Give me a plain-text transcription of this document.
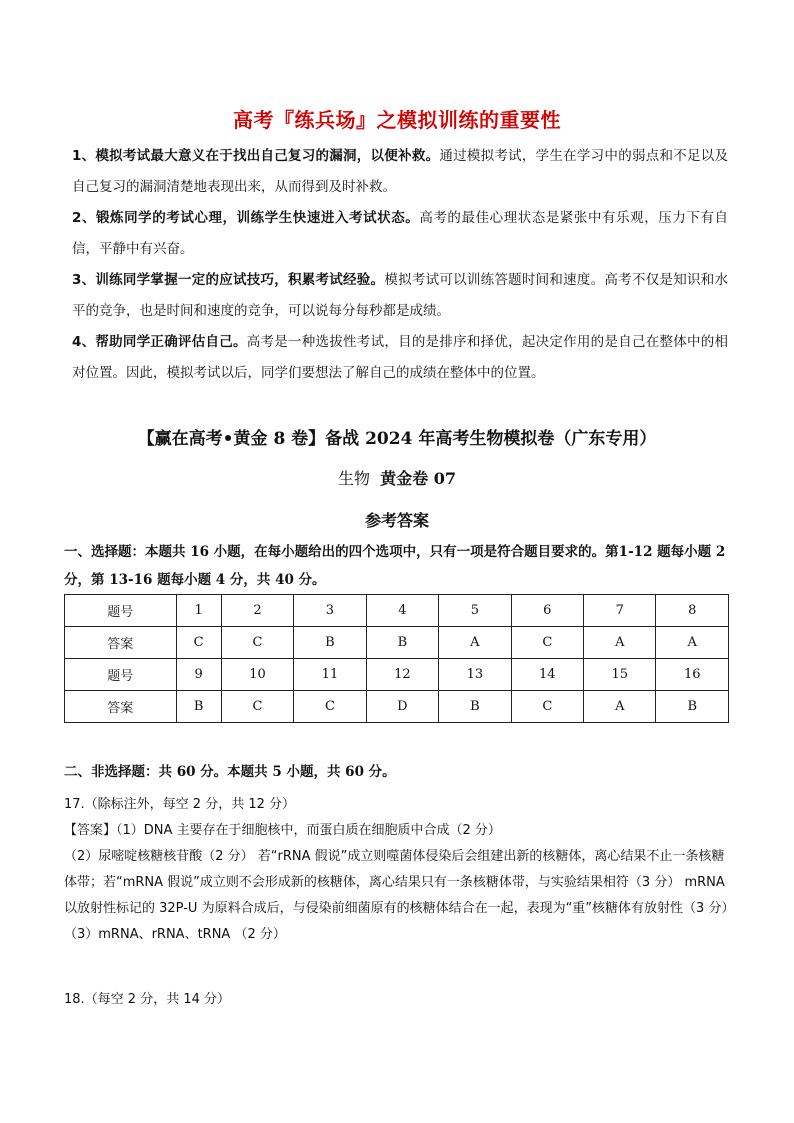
高考『练兵场』之模拟训练的重要性

1、模拟考试最大意义在于找出自己复习的漏洞，以便补救。通过模拟考试，学生在学习中的弱点和不足以及自己复习的漏洞清楚地表现出来，从而得到及时补救。

2、锻炼同学的考试心理，训练学生快速进入考试状态。高考的最佳心理状态是紧张中有乐观，压力下有自信，平静中有兴奋。

3、训练同学掌握一定的应试技巧，积累考试经验。模拟考试可以训练答题时间和速度。高考不仅是知识和水平的竞争，也是时间和速度的竞争，可以说每分每秒都是成绩。

4、帮助同学正确评估自己。高考是一种选拔性考试，目的是排序和择优，起决定作用的是自己在整体中的相对位置。因此，模拟考试以后，同学们要想法了解自己的成绩在整体中的位置。

【赢在高考•黄金 8 卷】备战 2024 年高考生物模拟卷（广东专用）
生物 黄金卷 07
参考答案
一、选择题：本题共 16 小题，在每小题给出的四个选项中，只有一项是符合题目要求的。第1-12 题每小题 2 分，第 13-16 题每小题 4 分，共 40 分。
题号	1	2	3	4	5	6	7	8
答案	C	C	B	B	A	C	A	A
题号	9	10	11	12	13	14	15	16
答案	B	C	C	D	B	C	A	B
二、非选择题：共 60 分。本题共 5 小题，共 60 分。

17.（除标注外，每空 2 分，共 12 分）

【答案】（1）DNA 主要存在于细胞核中，而蛋白质在细胞质中合成（2 分）

（2）尿嘧啶核糖核苷酸（2 分） 若“rRNA 假说”成立则噬菌体侵染后会组建出新的核糖体，离心结果不止一条核糖体带；若“mRNA 假说”成立则不会形成新的核糖体，离心结果只有一条核糖体带，与实验结果相符（3 分） mRNA 以放射性标记的 32P-U 为原料合成后，与侵染前细菌原有的核糖体结合在一起，表现为“重”核糖体有放射性（3 分）

（3）mRNA、rRNA、tRNA （2 分）

18.（每空 2 分，共 14 分）
